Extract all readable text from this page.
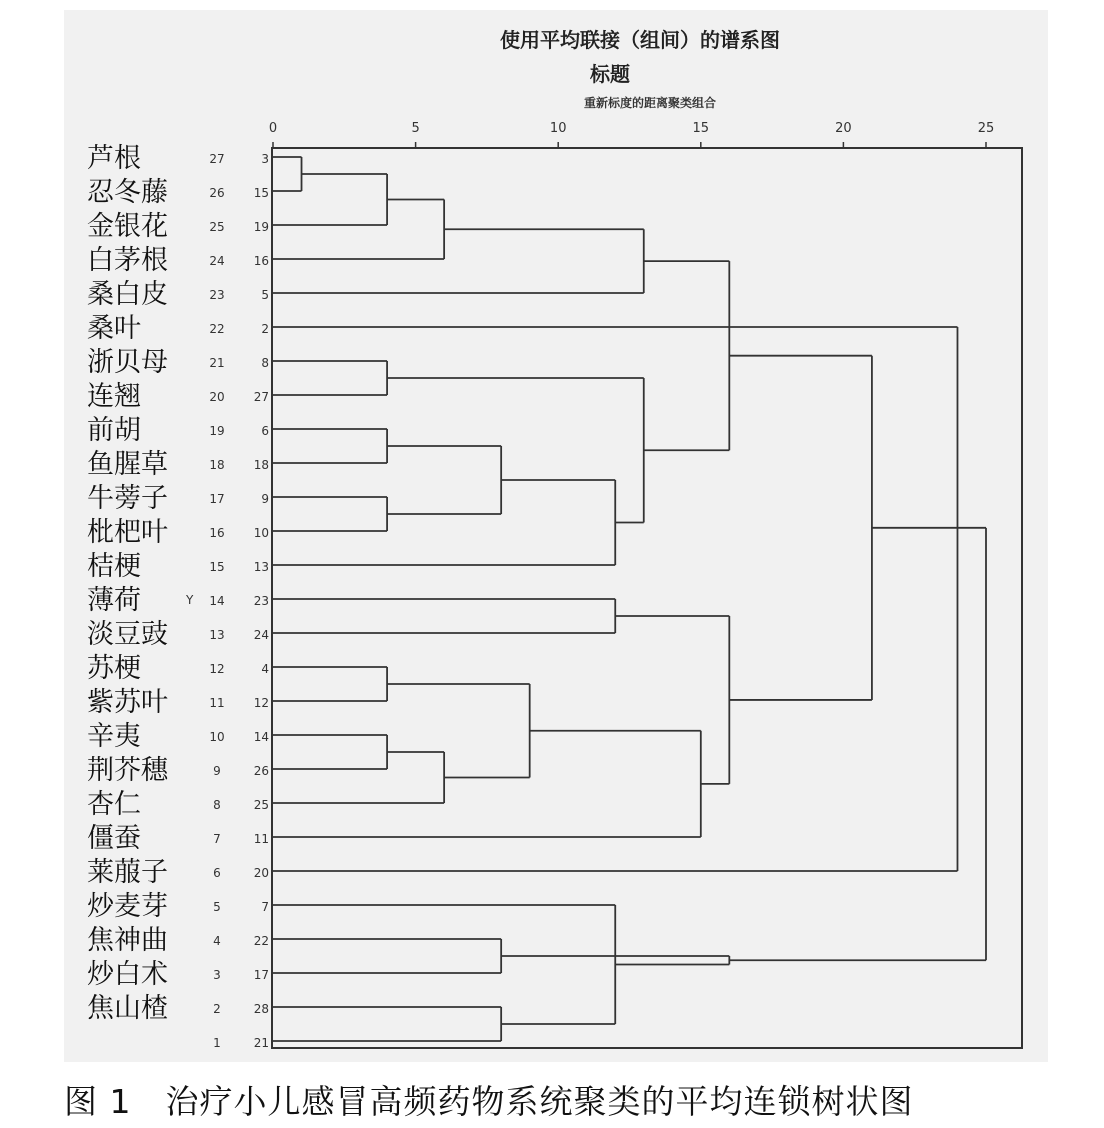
使用平均联接（组间）的谱系图
标题
重新标度的距离聚类组合
0	5	10	15	20	25
芦根	27	3
忍冬藤	26 15
金银花	25 19
白茅根	24 16
桑白皮	23	5
桑叶	22	2
浙贝母	21	8
连翘	20 27
前胡	19	6
鱼腥草	18 18
牛蒡子	17	9
枇杷叶	16 10
桔梗	15 13
薄荷	14 23
淡豆豉	13 24
苏梗	12	4
紫苏叶	11 12
辛夷	10 14
荆芥穗	9	26
杏仁	8	25
僵蚕	7	11
莱菔子	6	20
炒麦芽	5	7
焦神曲	4	22
炒白术	3	17
焦山楂	2	28
1	21
Y
图 1 治疗小儿感冒高频药物系统聚类的平均连锁树状图
